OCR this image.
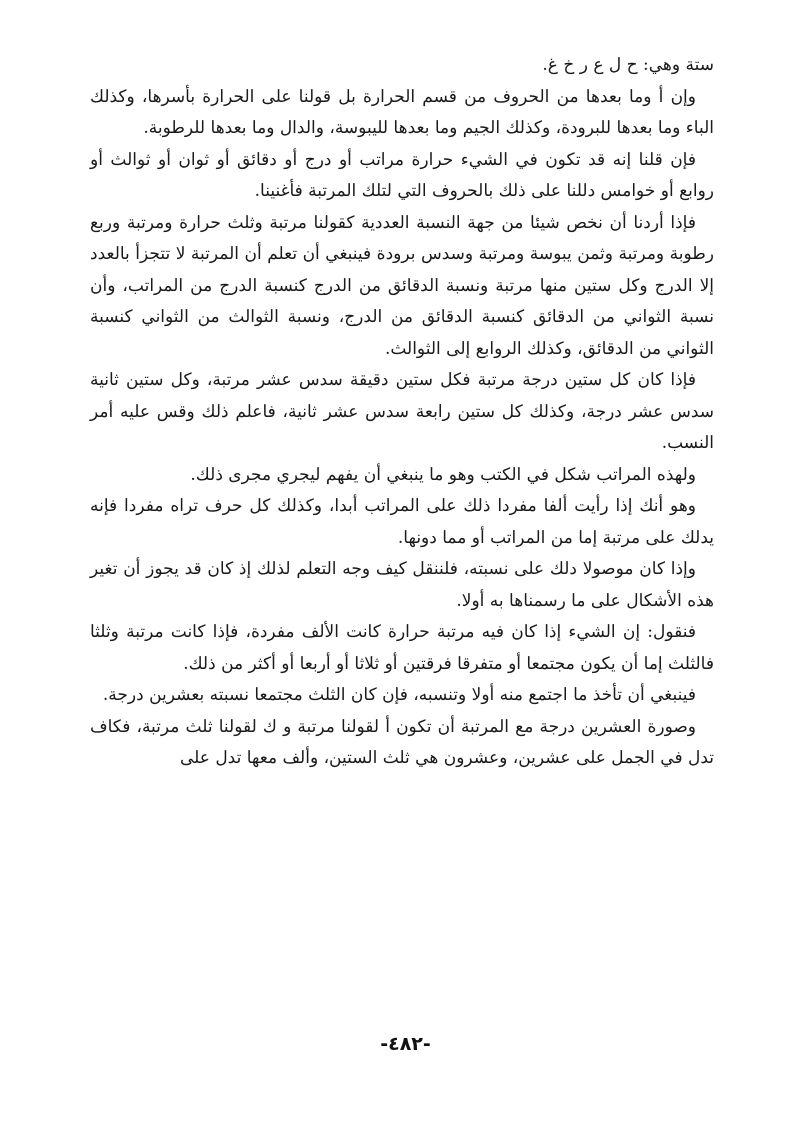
ستة وهي: ح ل ع ر خ غ.

وإن أ وما بعدها من الحروف من قسم الحرارة بل قولنا على الحرارة بأسرها، وكذلك الباء وما بعدها للبرودة، وكذلك الجيم وما بعدها لليبوسة، والدال وما بعدها للرطوبة.

فإن قلنا إنه قد تكون في الشيء حرارة مراتب أو درج أو دقائق أو ثوان أو ثوالث أو روابع أو خوامس دللنا على ذلك بالحروف التي لتلك المرتبة فأغنينا.

فإذا أردنا أن نخص شيئا من جهة النسبة العددية كقولنا مرتبة وثلث حرارة ومرتبة وربع رطوبة ومرتبة وثمن يبوسة ومرتبة وسدس برودة فينبغي أن تعلم أن المرتبة لا تتجزأ بالعدد إلا الدرج وكل ستين منها مرتبة ونسبة الدقائق من الدرج كنسبة الدرج من المراتب، وأن نسبة الثواني من الدقائق كنسبة الدقائق من الدرج، ونسبة الثوالث من الثواني كنسبة الثواني من الدقائق، وكذلك الروابع إلى الثوالث.

فإذا كان كل ستين درجة مرتبة فكل ستين دقيقة سدس عشر مرتبة، وكل ستين ثانية سدس عشر درجة، وكذلك كل ستين رابعة سدس عشر ثانية، فاعلم ذلك وقس عليه أمر النسب.

ولهذه المراتب شكل في الكتب وهو ما ينبغي أن يفهم ليجري مجرى ذلك.

وهو أنك إذا رأيت ألفا مفردا ذلك على المراتب أبدا، وكذلك كل حرف تراه مفردا فإنه يدلك على مرتبة إما من المراتب أو مما دونها.

وإذا كان موصولا دلك على نسبته، فلننقل كيف وجه التعلم لذلك إذ كان قد يجوز أن تغير هذه الأشكال على ما رسمناها به أولا.

فنقول: إن الشيء إذا كان فيه مرتبة حرارة كانت الألف مفردة، فإذا كانت مرتبة وثلثا فالثلث إما أن يكون مجتمعا أو متفرقا فرقتين أو ثلاثا أو أربعا أو أكثر من ذلك.

فينبغي أن تأخذ ما اجتمع منه أولا وتنسبه، فإن كان الثلث مجتمعا نسبته بعشرين درجة.

وصورة العشرين درجة مع المرتبة أن تكون أ لقولنا مرتبة و ك لقولنا ثلث مرتبة، فكاف تدل في الجمل على عشرين، وعشرون هي ثلث الستين، وألف معها تدل على

-٤٨٢-
